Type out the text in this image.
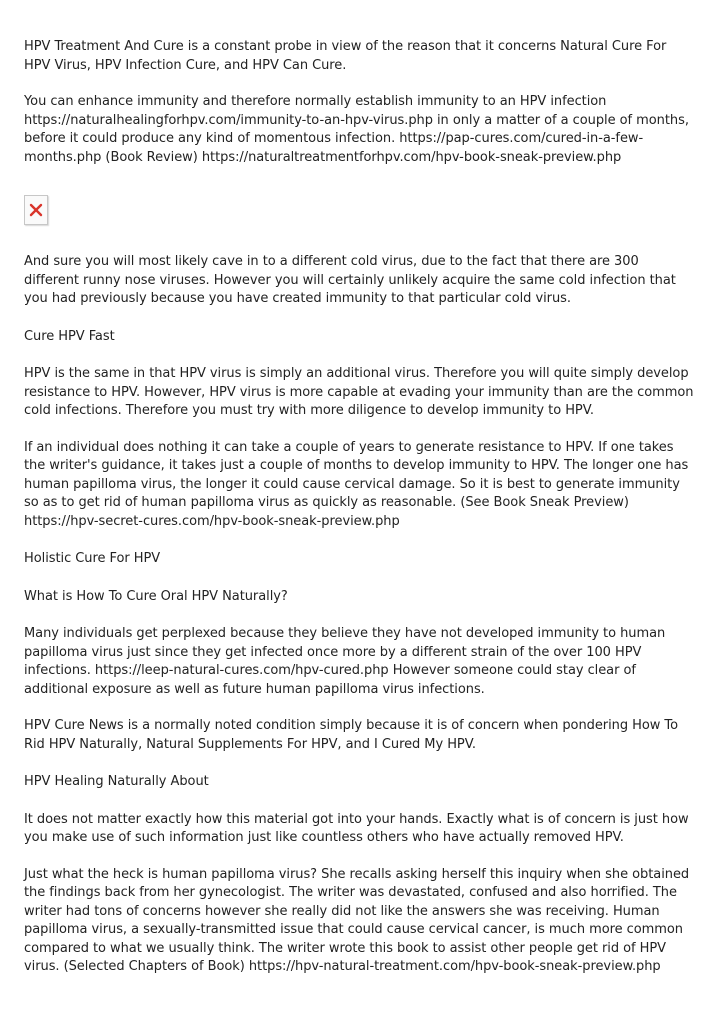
HPV Treatment And Cure is a constant probe in view of the reason that it concerns Natural Cure For HPV Virus, HPV Infection Cure, and HPV Can Cure.

You can enhance immunity and therefore normally establish immunity to an HPV infection https://naturalhealingforhpv.com/immunity-to-an-hpv-virus.php in only a matter of a couple of months, before it could produce any kind of momentous infection. https://pap-cures.com/cured-in-a-few-months.php (Book Review) https://naturaltreatmentforhpv.com/hpv-book-sneak-preview.php

And sure you will most likely cave in to a different cold virus, due to the fact that there are 300 different runny nose viruses. However you will certainly unlikely acquire the same cold infection that you had previously because you have created immunity to that particular cold virus.

Cure HPV Fast

HPV is the same in that HPV virus is simply an additional virus. Therefore you will quite simply develop resistance to HPV. However, HPV virus is more capable at evading your immunity than are the common cold infections. Therefore you must try with more diligence to develop immunity to HPV.

If an individual does nothing it can take a couple of years to generate resistance to HPV. If one takes the writer's guidance, it takes just a couple of months to develop immunity to HPV. The longer one has human papilloma virus, the longer it could cause cervical damage. So it is best to generate immunity so as to get rid of human papilloma virus as quickly as reasonable. (See Book Sneak Preview) https://hpv-secret-cures.com/hpv-book-sneak-preview.php

Holistic Cure For HPV

What is How To Cure Oral HPV Naturally?

Many individuals get perplexed because they believe they have not developed immunity to human papilloma virus just since they get infected once more by a different strain of the over 100 HPV infections. https://leep-natural-cures.com/hpv-cured.php However someone could stay clear of additional exposure as well as future human papilloma virus infections.

HPV Cure News is a normally noted condition simply because it is of concern when pondering How To Rid HPV Naturally, Natural Supplements For HPV, and I Cured My HPV.

HPV Healing Naturally About

It does not matter exactly how this material got into your hands. Exactly what is of concern is just how you make use of such information just like countless others who have actually removed HPV.

Just what the heck is human papilloma virus? She recalls asking herself this inquiry when she obtained the findings back from her gynecologist. The writer was devastated, confused and also horrified. The writer had tons of concerns however she really did not like the answers she was receiving. Human papilloma virus, a sexually-transmitted issue that could cause cervical cancer, is much more common compared to what we usually think. The writer wrote this book to assist other people get rid of HPV virus. (Selected Chapters of Book) https://hpv-natural-treatment.com/hpv-book-sneak-preview.php
